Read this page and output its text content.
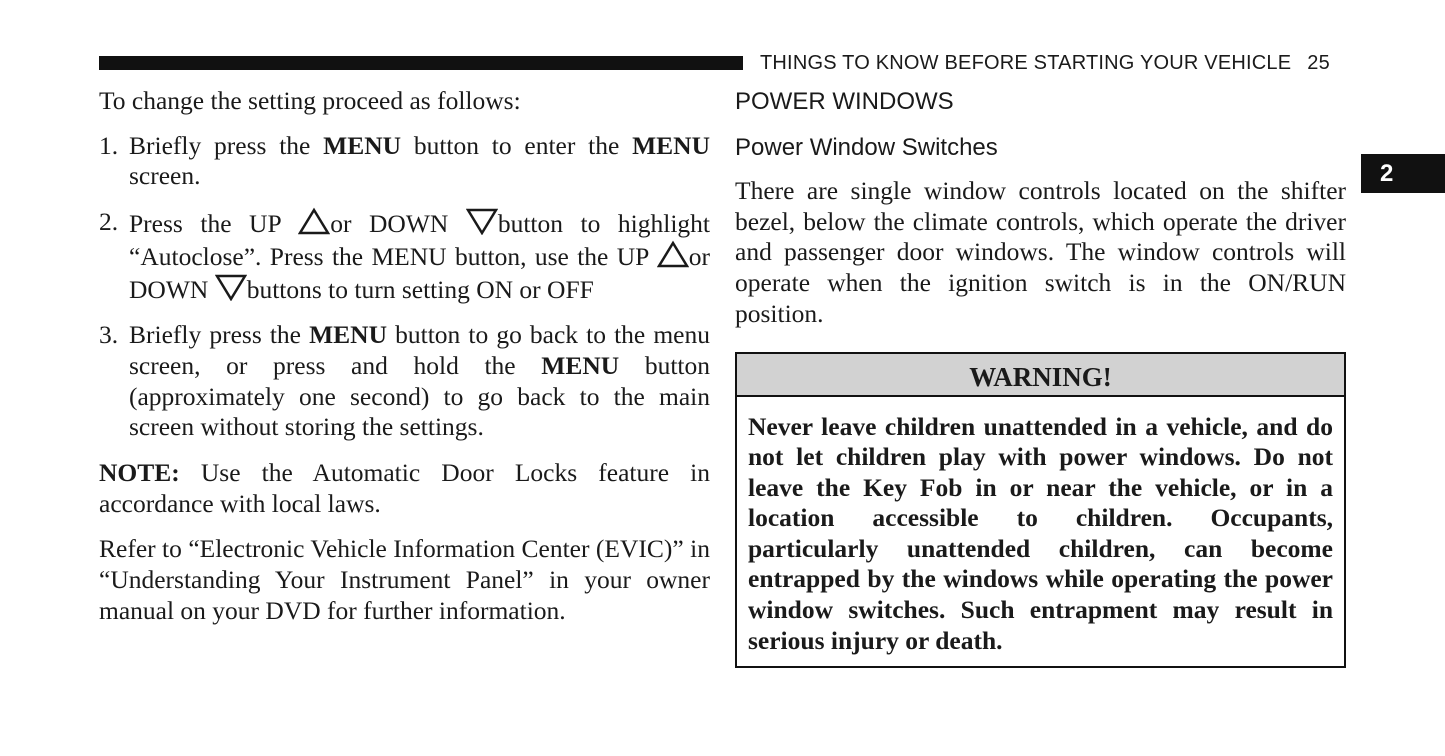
THINGS TO KNOW BEFORE STARTING YOUR VEHICLE 25
2

To change the setting proceed as follows:

1. Briefly press the MENU button to enter the MENU screen.
2. Press the UP or DOWN button to highlight “Autoclose”. Press the MENU button, use the UP or DOWN buttons to turn setting ON or OFF
3. Briefly press the MENU button to go back to the menu screen, or press and hold the MENU button (approximately one second) to go back to the main screen without storing the settings.

NOTE: Use the Automatic Door Locks feature in accordance with local laws.

Refer to “Electronic Vehicle Information Center (EVIC)” in “Understanding Your Instrument Panel” in your owner manual on your DVD for further information.

POWER WINDOWS
Power Window Switches

There are single window controls located on the shifter bezel, below the climate controls, which operate the driver and passenger door windows. The window controls will operate when the ignition switch is in the ON/RUN position.

WARNING!
Never leave children unattended in a vehicle, and do not let children play with power windows. Do not leave the Key Fob in or near the vehicle, or in a location accessible to children. Occupants, particularly unattended children, can become entrapped by the windows while operating the power window switches. Such entrapment may result in serious injury or death.
